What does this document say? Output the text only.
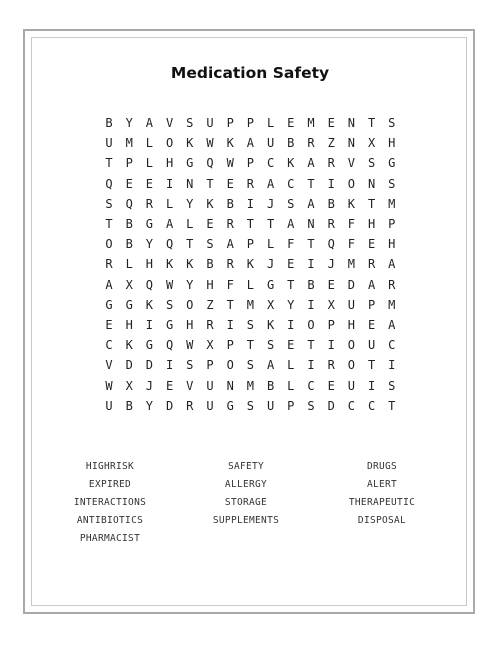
Medication Safety
B	Y	A	V	S	U	P	P	L	E	M	E	N	T	S
U	M	L	O	K	W	K	A	U	B	R	Z	N	X	H
T	P	L	H	G	Q	W	P	C	K	A	R	V	S	G
Q	E	E	I	N	T	E	R	A	C	T	I	O	N	S
S	Q	R	L	Y	K	B	I	J	S	A	B	K	T	M
T	B	G	A	L	E	R	T	T	A	N	R	F	H	P
O	B	Y	Q	T	S	A	P	L	F	T	Q	F	E	H
R	L	H	K	K	B	R	K	J	E	I	J	M	R	A
A	X	Q	W	Y	H	F	L	G	T	B	E	D	A	R
G	G	K	S	O	Z	T	M	X	Y	I	X	U	P	M
E	H	I	G	H	R	I	S	K	I	O	P	H	E	A
C	K	G	Q	W	X	P	T	S	E	T	I	O	U	C
V	D	D	I	S	P	O	S	A	L	I	R	O	T	I
W	X	J	E	V	U	N	M	B	L	C	E	U	I	S
U	B	Y	D	R	U	G	S	U	P	S	D	C	C	T
HIGHRISK	SAFETY	DRUGS
EXPIRED	ALLERGY	ALERT
INTERACTIONS	STORAGE	THERAPEUTIC
ANTIBIOTICS	SUPPLEMENTS	DISPOSAL
PHARMACIST
